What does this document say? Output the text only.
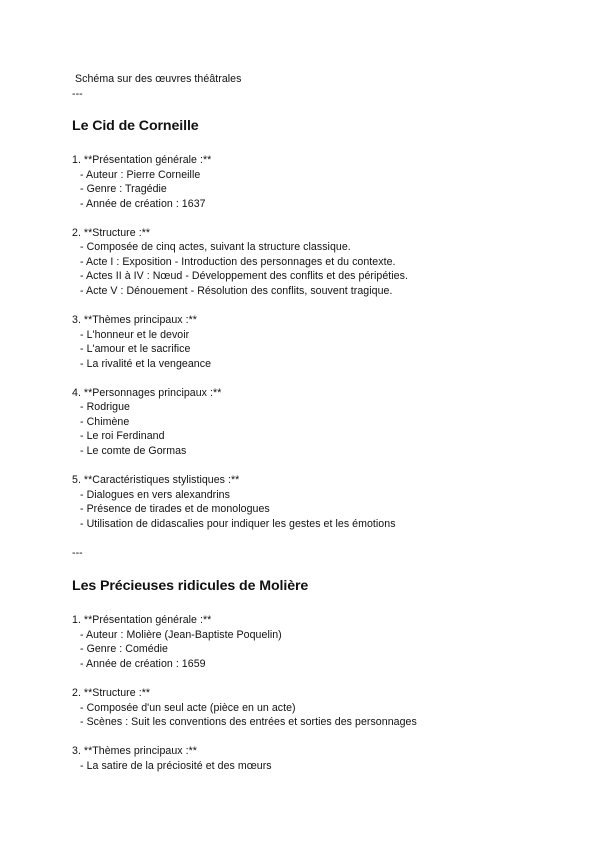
Schéma sur des œuvres théâtrales
---
Le Cid de Corneille
1. **Présentation générale :**
- Auteur : Pierre Corneille
- Genre : Tragédie
- Année de création : 1637
2. **Structure :**
- Composée de cinq actes, suivant la structure classique.
- Acte I : Exposition - Introduction des personnages et du contexte.
- Actes II à IV : Nœud - Développement des conflits et des péripéties.
- Acte V : Dénouement - Résolution des conflits, souvent tragique.
3. **Thèmes principaux :**
- L'honneur et le devoir
- L'amour et le sacrifice
- La rivalité et la vengeance
4. **Personnages principaux :**
- Rodrigue
- Chimène
- Le roi Ferdinand
- Le comte de Gormas
5. **Caractéristiques stylistiques :**
- Dialogues en vers alexandrins
- Présence de tirades et de monologues
- Utilisation de didascalies pour indiquer les gestes et les émotions
---
Les Précieuses ridicules de Molière
1. **Présentation générale :**
- Auteur : Molière (Jean-Baptiste Poquelin)
- Genre : Comédie
- Année de création : 1659
2. **Structure :**
- Composée d'un seul acte (pièce en un acte)
- Scènes : Suit les conventions des entrées et sorties des personnages
3. **Thèmes principaux :**
- La satire de la préciosité et des mœurs
